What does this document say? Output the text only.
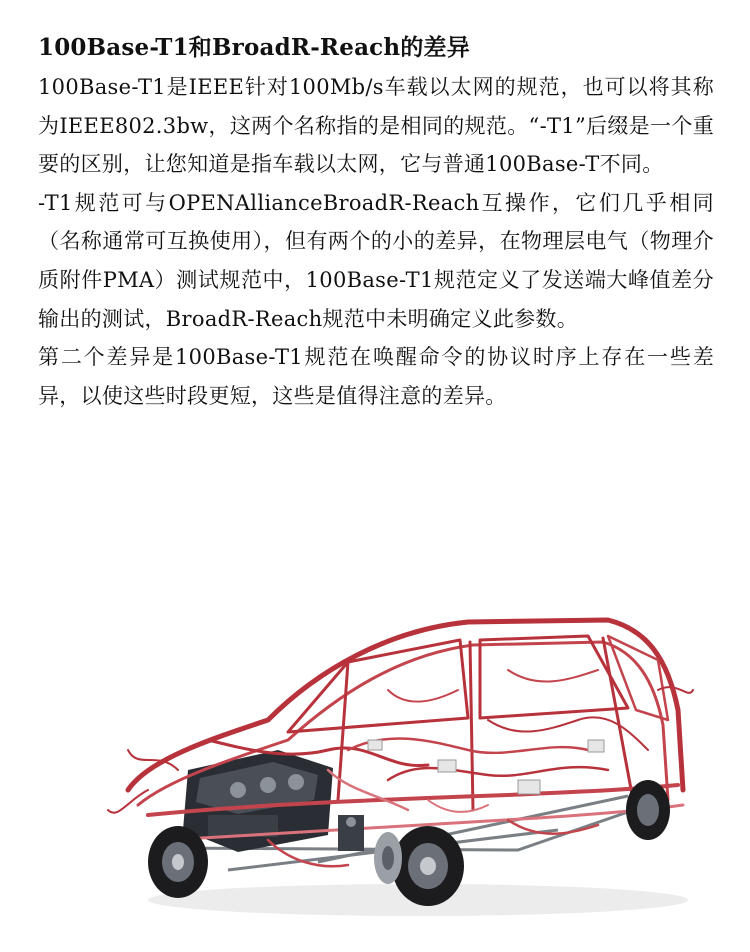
100Base-T1和BroadR-Reach的差异

100Base-T1是IEEE针对100Mb/s车载以太网的规范，也可以将其称为IEEE802.3bw，这两个名称指的是相同的规范。“-T1”后缀是一个重要的区别，让您知道是指车载以太网，它与普通100Base-T不同。

-T1规范可与OPENAllianceBroadR-Reach互操作，它们几乎相同（名称通常可互换使用），但有两个的小的差异，在物理层电气（物理介质附件PMA）测试规范中，100Base-T1规范定义了发送端大峰值差分输出的测试，BroadR-Reach规范中未明确定义此参数。

第二个差异是100Base-T1规范在唤醒命令的协议时序上存在一些差异，以使这些时段更短，这些是值得注意的差异。
